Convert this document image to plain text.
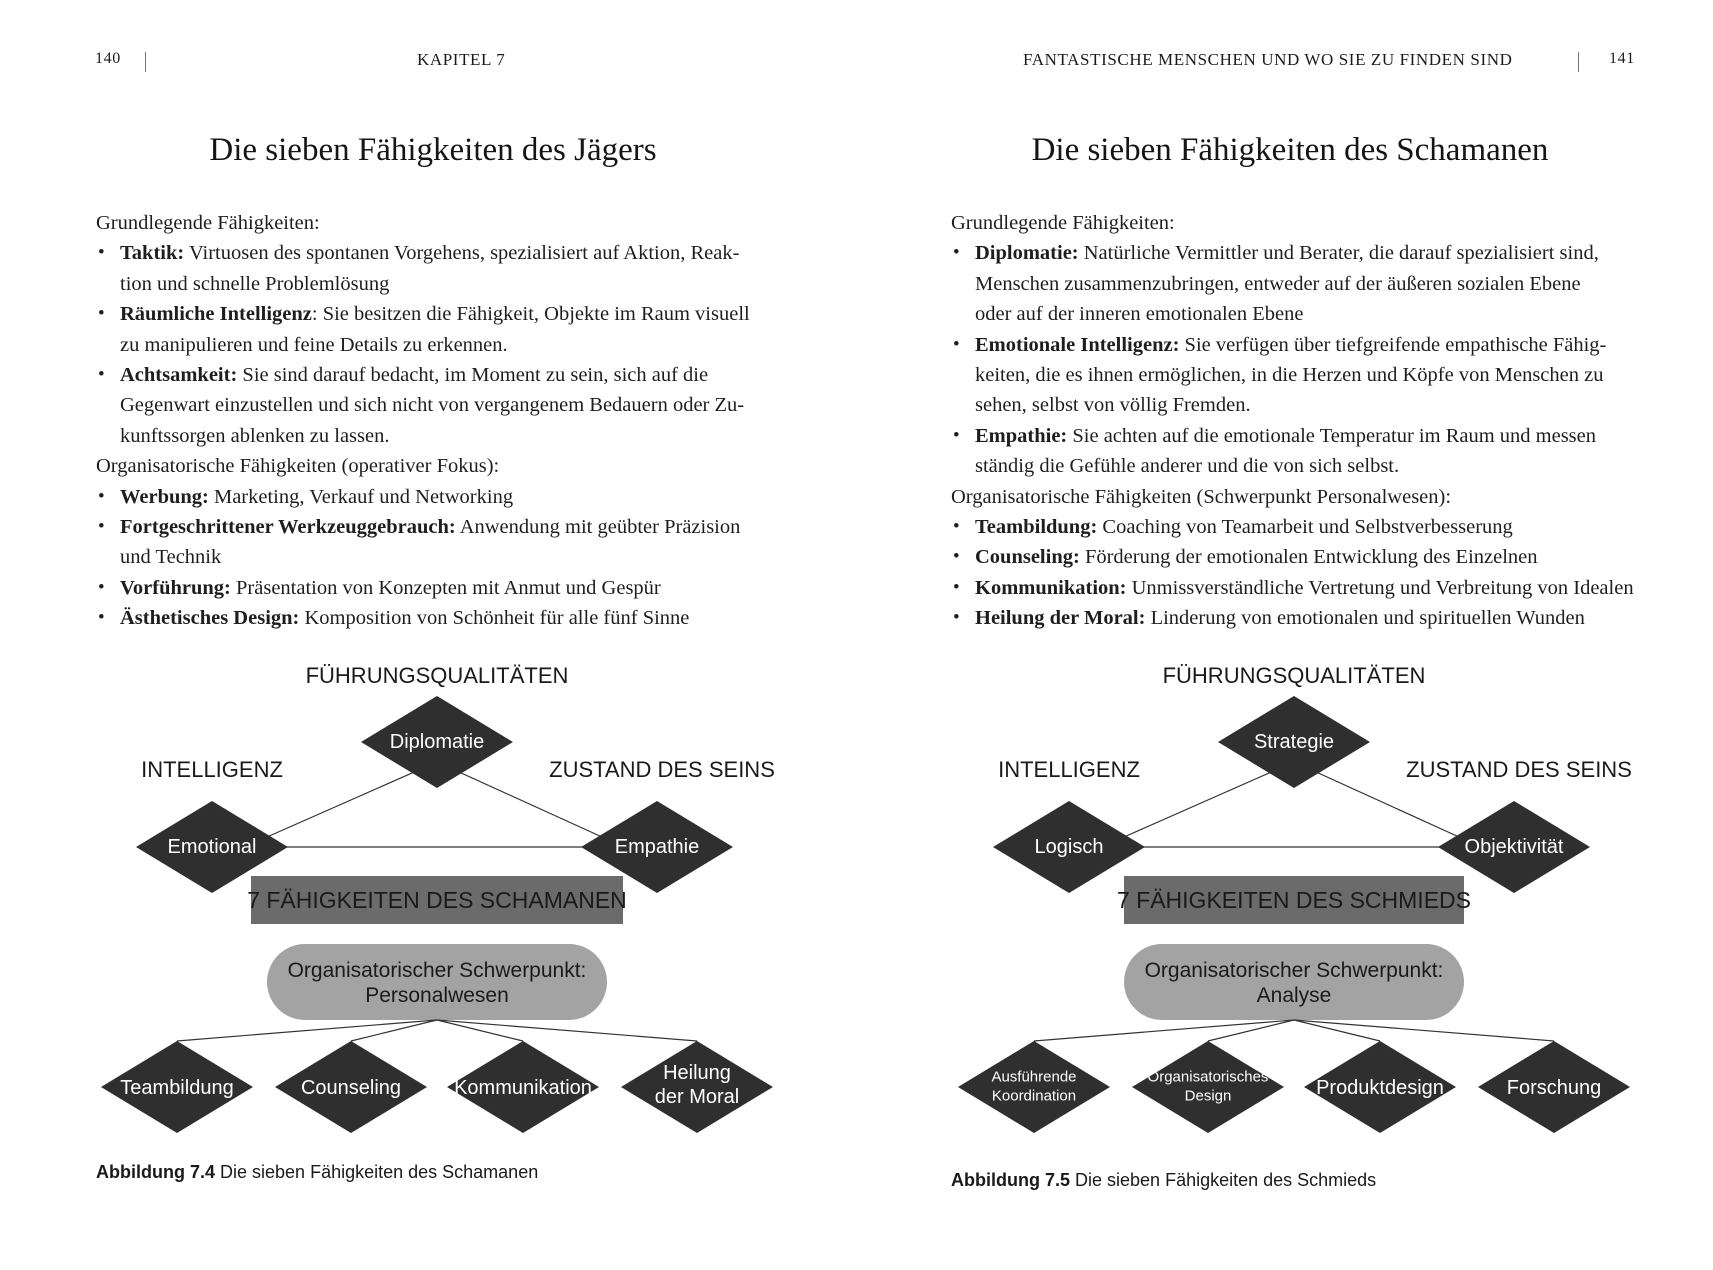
140	KAPITEL 7
Die sieben Fähigkeiten des Jägers

Grundlegende Fähigkeiten:

• Taktik: Virtuosen des spontanen Vorgehens, spezialisiert auf Aktion, Reak-
tion und schnelle Problemlösung
• Räumliche Intelligenz: Sie besitzen die Fähigkeit, Objekte im Raum visuell
zu manipulieren und feine Details zu erkennen.
• Achtsamkeit: Sie sind darauf bedacht, im Moment zu sein, sich auf die
Gegenwart einzustellen und sich nicht von vergangenem Bedauern oder Zu-
kunftssorgen ablenken zu lassen.

Organisatorische Fähigkeiten (operativer Fokus):

• Werbung: Marketing, Verkauf und Networking
• Fortgeschrittener Werkzeuggebrauch: Anwendung mit geübter Präzision
und Technik
• Vorführung: Präsentation von Konzepten mit Anmut und Gespür
• Ästhetisches Design: Komposition von Schönheit für alle fünf Sinne
FÜHRUNGSQUALITÄTEN
INTELLIGENZ	ZUSTAND DES SEINS
Diplomatie
Emotional	Empathie
7 FÄHIGKEITEN DES SCHAMANEN
Organisatorischer Schwerpunkt:
Personalwesen
Teambildung	Counseling	Kommunikation
Heilung
der Moral
Abbildung 7.4 Die sieben Fähigkeiten des Schamanen
FANTASTISCHE MENSCHEN UND WO SIE ZU FINDEN SIND	141
Die sieben Fähigkeiten des Schamanen

Grundlegende Fähigkeiten:

• Diplomatie: Natürliche Vermittler und Berater, die darauf spezialisiert sind,
Menschen zusammenzubringen, entweder auf der äußeren sozialen Ebene
oder auf der inneren emotionalen Ebene
• Emotionale Intelligenz: Sie verfügen über tiefgreifende empathische Fähig-
keiten, die es ihnen ermöglichen, in die Herzen und Köpfe von Menschen zu
sehen, selbst von völlig Fremden.
• Empathie: Sie achten auf die emotionale Temperatur im Raum und messen
ständig die Gefühle anderer und die von sich selbst.

Organisatorische Fähigkeiten (Schwerpunkt Personalwesen):

• Teambildung: Coaching von Teamarbeit und Selbstverbesserung
• Counseling: Förderung der emotionalen Entwicklung des Einzelnen
• Kommunikation: Unmissverständliche Vertretung und Verbreitung von Idealen
• Heilung der Moral: Linderung von emotionalen und spirituellen Wunden
FÜHRUNGSQUALITÄTEN
INTELLIGENZ	ZUSTAND DES SEINS
Strategie
Logisch	Objektivität
7 FÄHIGKEITEN DES SCHMIEDS
Organisatorischer Schwerpunkt:
Analyse
Ausführende
Koordination
Organisatorisches
Design	Produktdesign	Forschung
Abbildung 7.5 Die sieben Fähigkeiten des Schmieds
